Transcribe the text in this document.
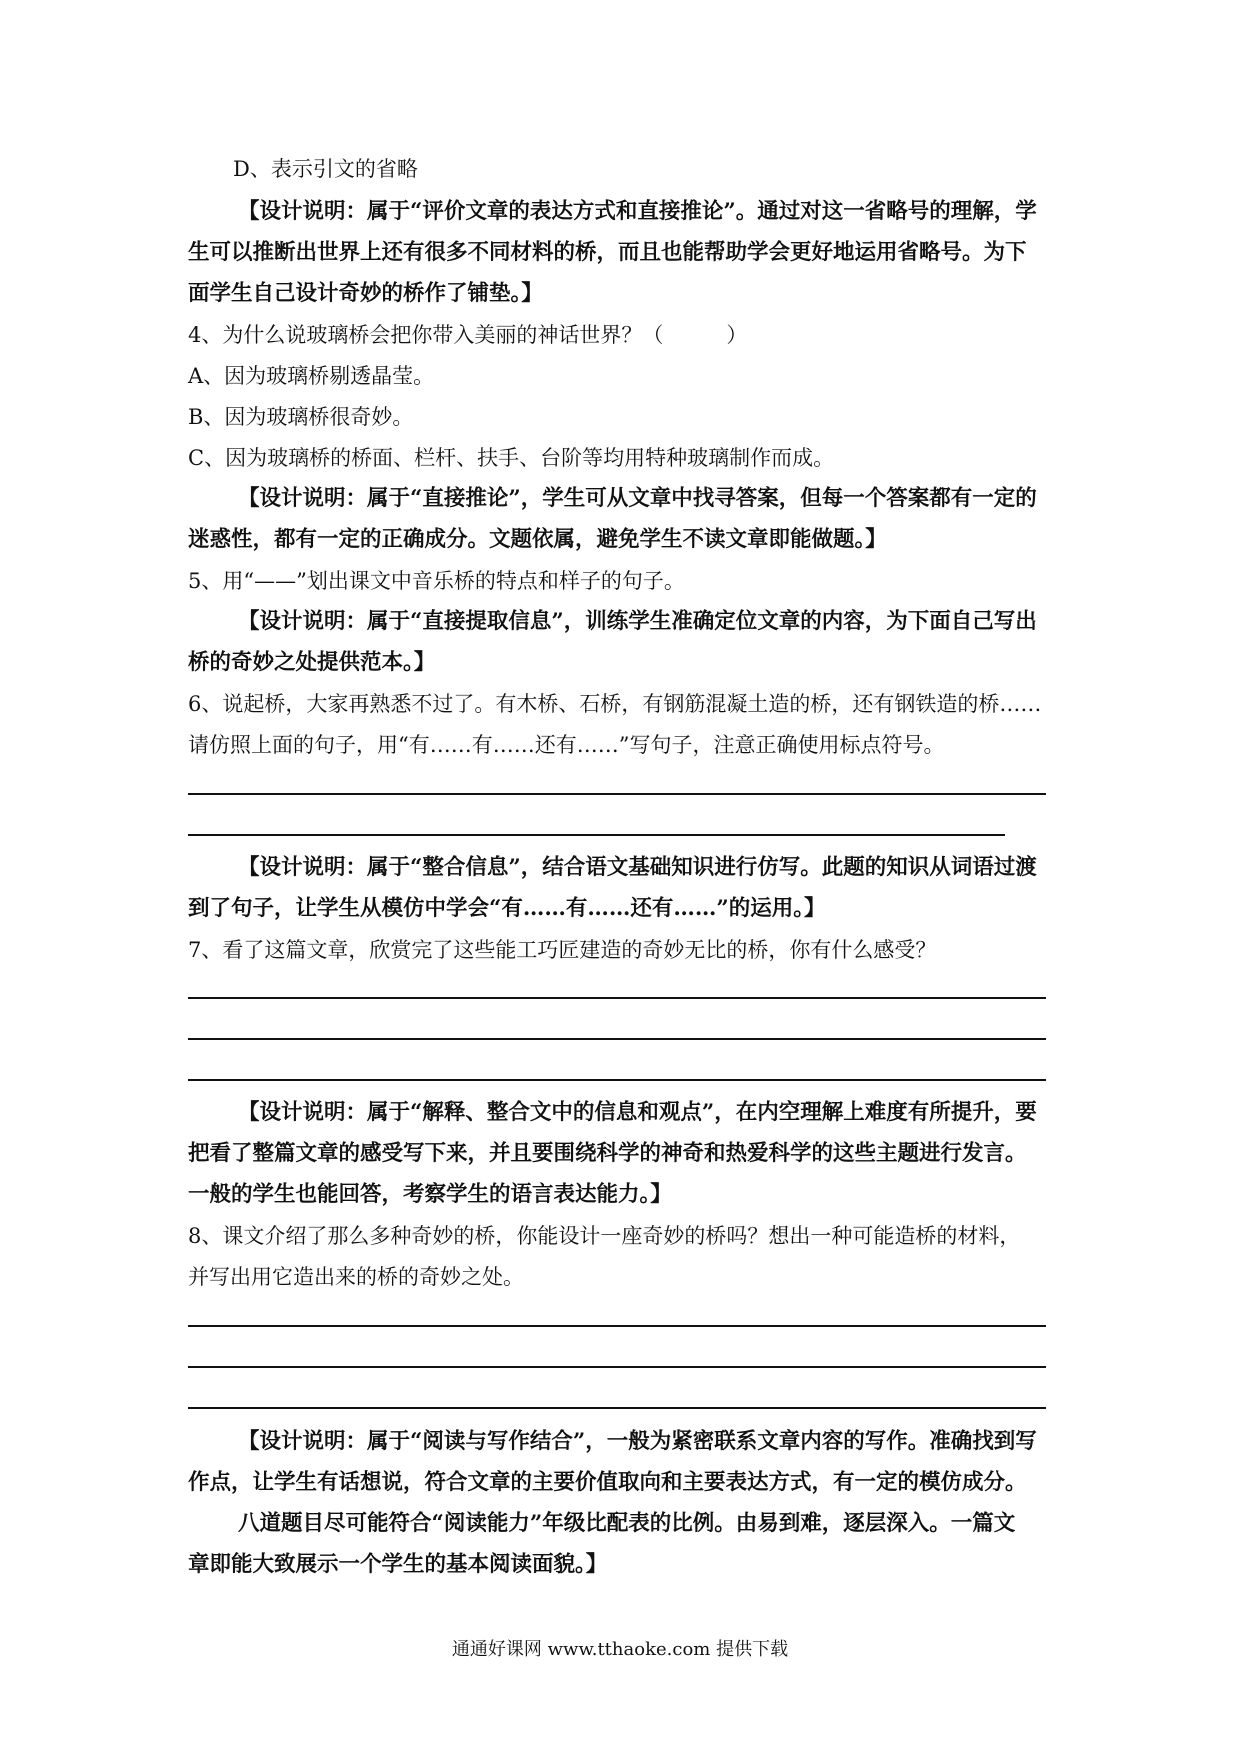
D、表示引文的省略
【设计说明：属于“评价文章的表达方式和直接推论”。通过对这一省略号的理解，学
生可以推断出世界上还有很多不同材料的桥，而且也能帮助学会更好地运用省略号。为下
面学生自己设计奇妙的桥作了铺垫。】
4、为什么说玻璃桥会把你带入美丽的神话世界？（　　　）
A、因为玻璃桥剔透晶莹。
B、因为玻璃桥很奇妙。
C、因为玻璃桥的桥面、栏杆、扶手、台阶等均用特种玻璃制作而成。
【设计说明：属于“直接推论”，学生可从文章中找寻答案，但每一个答案都有一定的
迷惑性，都有一定的正确成分。文题依属，避免学生不读文章即能做题。】
5、用“——”划出课文中音乐桥的特点和样子的句子。
【设计说明：属于“直接提取信息”，训练学生准确定位文章的内容，为下面自己写出
桥的奇妙之处提供范本。】
6、说起桥，大家再熟悉不过了。有木桥、石桥，有钢筋混凝土造的桥，还有钢铁造的桥……
请仿照上面的句子，用“有……有……还有……”写句子，注意正确使用标点符号。
【设计说明：属于“整合信息”，结合语文基础知识进行仿写。此题的知识从词语过渡
到了句子，让学生从模仿中学会“有……有……还有……”的运用。】
7、看了这篇文章，欣赏完了这些能工巧匠建造的奇妙无比的桥，你有什么感受？
【设计说明：属于“解释、整合文中的信息和观点”，在内空理解上难度有所提升，要
把看了整篇文章的感受写下来，并且要围绕科学的神奇和热爱科学的这些主题进行发言。
一般的学生也能回答，考察学生的语言表达能力。】
8、课文介绍了那么多种奇妙的桥，你能设计一座奇妙的桥吗？想出一种可能造桥的材料，
并写出用它造出来的桥的奇妙之处。
【设计说明：属于“阅读与写作结合”，一般为紧密联系文章内容的写作。准确找到写
作点，让学生有话想说，符合文章的主要价值取向和主要表达方式，有一定的模仿成分。
八道题目尽可能符合“阅读能力”年级比配表的比例。由易到难，逐层深入。一篇文
章即能大致展示一个学生的基本阅读面貌。】
通通好课网 www.tthaoke.com 提供下载
